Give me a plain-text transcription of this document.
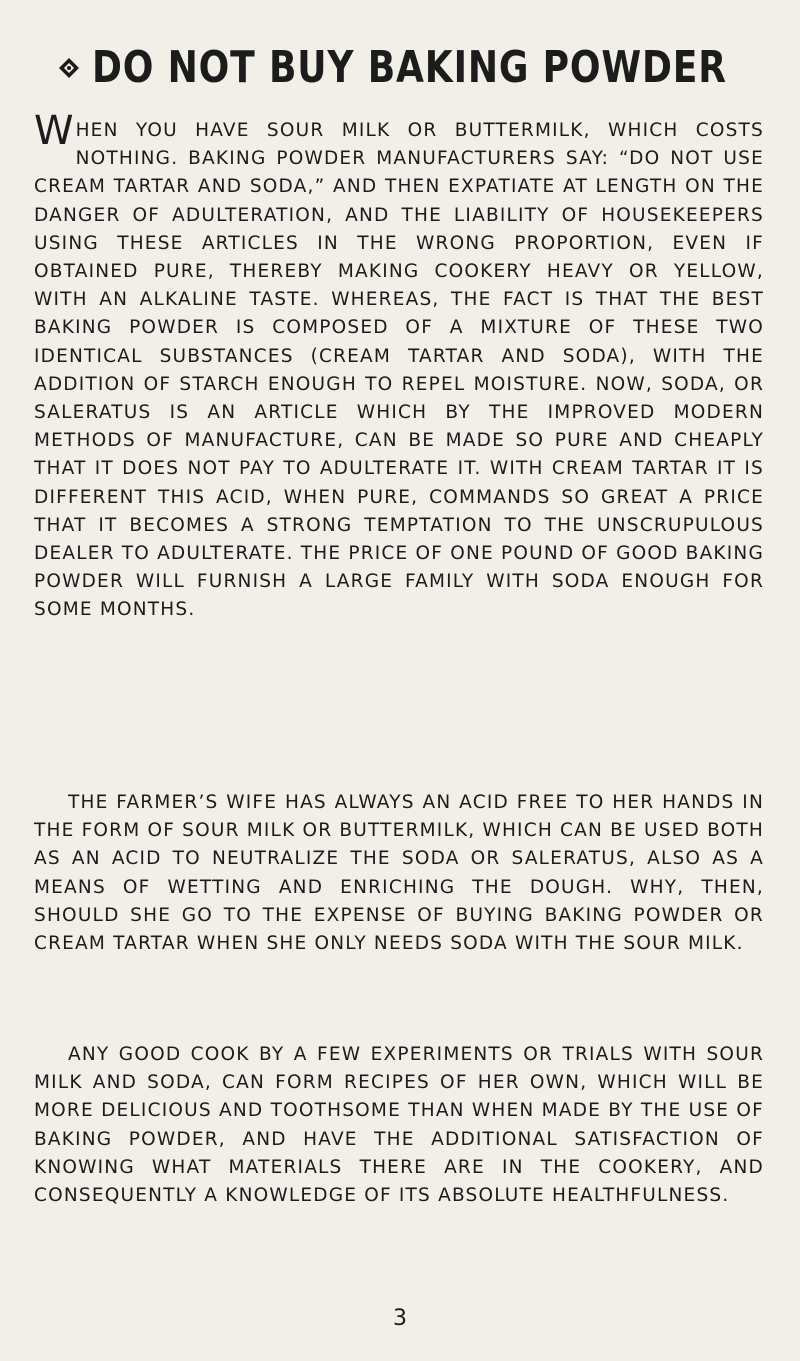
DO NOT BUY BAKING POWDER

WHEN YOU HAVE SOUR MILK OR BUTTERMILK, WHICH COSTS NOTHING. BAKING POWDER MANUFACTURERS SAY: “DO NOT USE CREAM TARTAR AND SODA,” AND THEN EXPATIATE AT LENGTH ON THE DANGER OF ADULTERATION, AND THE LIABILITY OF HOUSEKEEPERS USING THESE ARTICLES IN THE WRONG PROPORTION, EVEN IF OBTAINED PURE, THEREBY MAKING COOKERY HEAVY OR YELLOW, WITH AN ALKALINE TASTE. WHEREAS, THE FACT IS THAT THE BEST BAKING POWDER IS COMPOSED OF A MIXTURE OF THESE TWO IDENTICAL SUBSTANCES (CREAM TARTAR AND SODA), WITH THE ADDITION OF STARCH ENOUGH TO REPEL MOISTURE. NOW, SODA, OR SALERATUS IS AN ARTICLE WHICH BY THE IMPROVED MODERN METHODS OF MANUFACTURE, CAN BE MADE SO PURE AND CHEAPLY THAT IT DOES NOT PAY TO ADULTERATE IT. WITH CREAM TARTAR IT IS DIFFERENT THIS ACID, WHEN PURE, COMMANDS SO GREAT A PRICE THAT IT BECOMES A STRONG TEMPTATION TO THE UNSCRUPULOUS DEALER TO ADULTERATE. THE PRICE OF ONE POUND OF GOOD BAKING POWDER WILL FURNISH A LARGE FAMILY WITH SODA ENOUGH FOR SOME MONTHS.

THE FARMER’S WIFE HAS ALWAYS AN ACID FREE TO HER HANDS IN THE FORM OF SOUR MILK OR BUTTERMILK, WHICH CAN BE USED BOTH AS AN ACID TO NEUTRALIZE THE SODA OR SALERATUS, ALSO AS A MEANS OF WETTING AND ENRICHING THE DOUGH. WHY, THEN, SHOULD SHE GO TO THE EXPENSE OF BUYING BAKING POWDER OR CREAM TARTAR WHEN SHE ONLY NEEDS SODA WITH THE SOUR MILK.

ANY GOOD COOK BY A FEW EXPERIMENTS OR TRIALS WITH SOUR MILK AND SODA, CAN FORM RECIPES OF HER OWN, WHICH WILL BE MORE DELICIOUS AND TOOTHSOME THAN WHEN MADE BY THE USE OF BAKING POWDER, AND HAVE THE ADDITIONAL SATISFACTION OF KNOWING WHAT MATERIALS THERE ARE IN THE COOKERY, AND CONSEQUENTLY A KNOWLEDGE OF ITS ABSOLUTE HEALTHFULNESS.

3
